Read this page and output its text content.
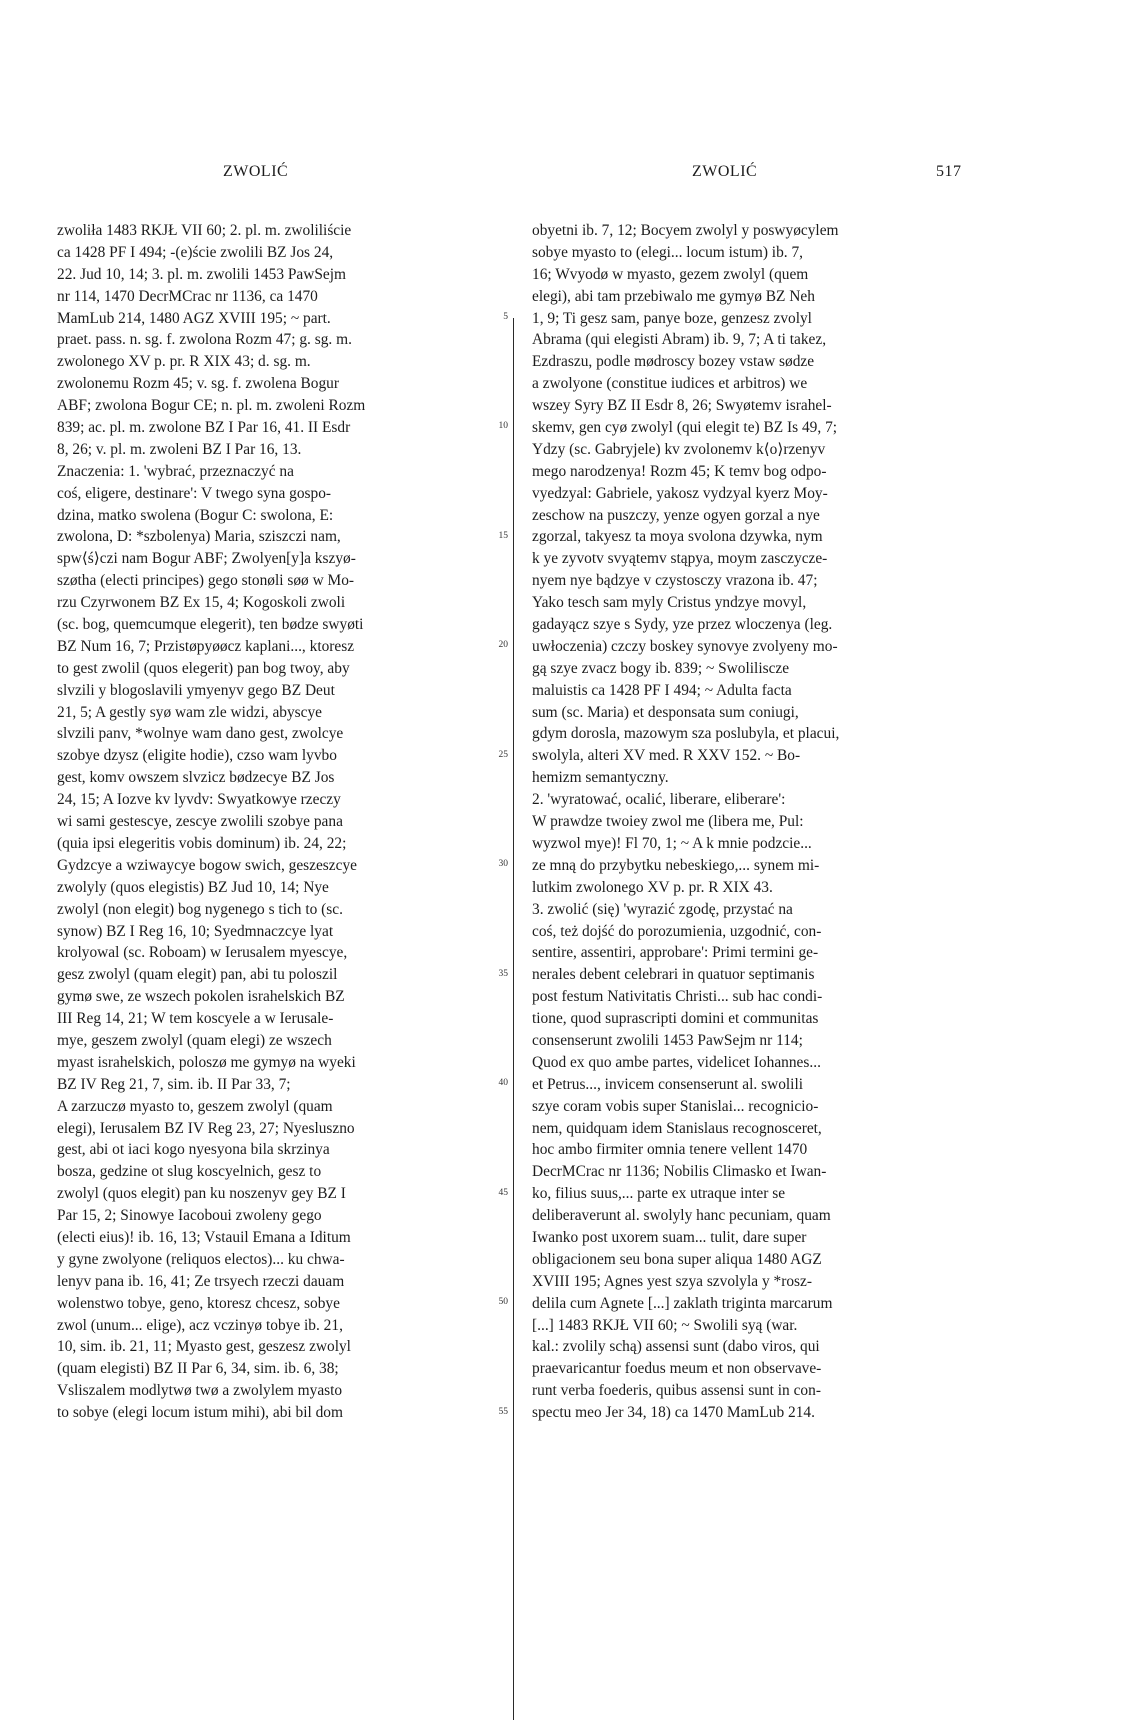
ZWOLIĆ	ZWOLIĆ	517
zwoliła 1483 RKJŁ VII 60; 2. pl. m. zwoliliście
ca 1428 PF I 494; -(e)ście zwolili BZ Jos 24,
22. Jud 10, 14; 3. pl. m. zwolili 1453 PawSejm
nr 114, 1470 DecrMCrac nr 1136, ca 1470
MamLub 214, 1480 AGZ XVIII 195; ~ part.
praet. pass. n. sg. f. zwolona Rozm 47; g. sg. m.
zwolonego XV p. pr. R XIX 43; d. sg. m.
zwolonemu Rozm 45; v. sg. f. zwolena Bogur
ABF; zwolona Bogur CE; n. pl. m. zwoleni Rozm
839; ac. pl. m. zwolone BZ I Par 16, 41. II Esdr
8, 26; v. pl. m. zwoleni BZ I Par 16, 13.
Znaczenia: 1. 'wybrać, przeznaczyć na
coś, eligere, destinare': V twego syna gospo-
dzina, matko swolena (Bogur C: swolona, E:
zwolona, D: *szbolenya) Maria, sziszczi nam,
spw⟨ś⟩czi nam Bogur ABF; Zwolyen[y]a kszyø-
szøtha (electi principes) gego stonøli søø w Mo-
rzu Czyrwonem BZ Ex 15, 4; Kogoskoli zwoli
(sc. bog, quemcumque elegerit), ten bødze swyøti
BZ Num 16, 7; Przistøpyøøcz kaplani..., ktoresz
to gest zwolil (quos elegerit) pan bog twoy, aby
slvzili y blogoslavili ymyenyv gego BZ Deut
21, 5; A gestly syø wam zle widzi, abyscye
slvzili panv, *wolnye wam dano gest, zwolcye
szobye dzysz (eligite hodie), czso wam lyvbo
gest, komv owszem slvzicz bødzecye BZ Jos
24, 15; A Iozve kv lyvdv: Swyatkowye rzeczy
wi sami gestescye, zescye zwolili szobye pana
(quia ipsi elegeritis vobis dominum) ib. 24, 22;
Gydzcye a wziwaycye bogow swich, geszeszcye
zwolyly (quos elegistis) BZ Jud 10, 14; Nye
zwolyl (non elegit) bog nygenego s tich to (sc.
synow) BZ I Reg 16, 10; Syedmnaczcye lyat
krolyowal (sc. Roboam) w Ierusalem myescye,
gesz zwolyl (quam elegit) pan, abi tu poloszil
gymø swe, ze wszech pokolen israhelskich BZ
III Reg 14, 21; W tem koscyele a w Ierusale-
mye, geszem zwolyl (quam elegi) ze wszech
myast israhelskich, poloszø me gymyø na wyeki
BZ IV Reg 21, 7, sim. ib. II Par 33, 7;
A zarzuczø myasto to, geszem zwolyl (quam
elegi), Ierusalem BZ IV Reg 23, 27; Nyesluszno
gest, abi ot iaci kogo nyesyona bila skrzinya
bosza, gedzine ot slug koscyelnich, gesz to
zwolyl (quos elegit) pan ku noszenyv gey BZ I
Par 15, 2; Sinowye Iacoboui zwoleny gego
(electi eius)! ib. 16, 13; Vstauil Emana a Iditum
y gyne zwolyone (reliquos electos)... ku chwa-
lenyv pana ib. 16, 41; Ze trsyech rzeczi dauam
wolenstwo tobye, geno, ktoresz chcesz, sobye
zwol (unum... elige), acz vczinyø tobye ib. 21,
10, sim. ib. 21, 11; Myasto gest, geszesz zwolyl
(quam elegisti) BZ II Par 6, 34, sim. ib. 6, 38;
Vsliszalem modlytwø twø a zwolylem myasto
to sobye (elegi locum istum mihi), abi bil dom
obyetni ib. 7, 12; Bocyem zwolyl y poswyøcylem
sobye myasto to (elegi... locum istum) ib. 7,
16; Wvyodø w myasto, gezem zwolyl (quem
elegi), abi tam przebiwalo me gymyø BZ Neh
1, 9; Ti gesz sam, panye boze, genzesz zvolyl
Abrama (qui elegisti Abram) ib. 9, 7; A ti takez,
Ezdraszu, podle mødroscy bozey vstaw sødze
a zwolyone (constitue iudices et arbitros) we
wszey Syry BZ II Esdr 8, 26; Swyøtemv israhel-
skemv, gen cyø zwolyl (qui elegit te) BZ Is 49, 7;
Ydzy (sc. Gabryjele) kv zvolonemv k⟨o⟩rzenyv
mego narodzenya! Rozm 45; K temv bog odpo-
vyedzyal: Gabriele, yakosz vydzyal kyerz Moy-
zeschow na puszczy, yenze ogyen gorzal a nye
zgorzal, takyesz ta moya svolona dzywka, nym
k ye zyvotv svyątemv stąpya, moym zasczycze-
nyem nye bądzye v czystosczy vrazona ib. 47;
Yako tesch sam myly Cristus yndzye movyl,
gadayącz szye s Sydy, yze przez wloczenya (leg.
uwłoczenia) czczy boskey synovye zvolyeny mo-
gą szye zvacz bogy ib. 839; ~ Swoliliscze
maluistis ca 1428 PF I 494; ~ Adulta facta
sum (sc. Maria) et desponsata sum coniugi,
gdym dorosla, mazowym sza poslubyla, et placui,
swolyla, alteri XV med. R XXV 152. ~ Bo-
hemizm semantyczny.
2. 'wyratować, ocalić, liberare, eliberare':
W prawdze twoiey zwol me (libera me, Pul:
wyzwol mye)! Fl 70, 1; ~ A k mnie podzcie...
ze mną do przybytku nebeskiego,... synem mi-
lutkim zwolonego XV p. pr. R XIX 43.
3. zwolić (się) 'wyrazić zgodę, przystać na
coś, też dojść do porozumienia, uzgodnić, con-
sentire, assentiri, approbare': Primi termini ge-
nerales debent celebrari in quatuor septimanis
post festum Nativitatis Christi... sub hac condi-
tione, quod suprascripti domini et communitas
consenserunt zwolili 1453 PawSejm nr 114;
Quod ex quo ambe partes, videlicet Iohannes...
et Petrus..., invicem consenserunt al. swolili
szye coram vobis super Stanislai... recognicio-
nem, quidquam idem Stanislaus recognosceret,
hoc ambo firmiter omnia tenere vellent 1470
DecrMCrac nr 1136; Nobilis Climasko et Iwan-
ko, filius suus,... parte ex utraque inter se
deliberaverunt al. swolyly hanc pecuniam, quam
Iwanko post uxorem suam... tulit, dare super
obligacionem seu bona super aliqua 1480 AGZ
XVIII 195; Agnes yest szya szvolyla y *rosz-
delila cum Agnete [...] zaklath triginta marcarum
[...] 1483 RKJŁ VII 60; ~ Swolili syą (war.
kal.: zvolily schą) assensi sunt (dabo viros, qui
praevaricantur foedus meum et non observave-
runt verba foederis, quibus assensi sunt in con-
spectu meo Jer 34, 18) ca 1470 MamLub 214.
5
10
15
20
25
30
35
40
45
50
55
